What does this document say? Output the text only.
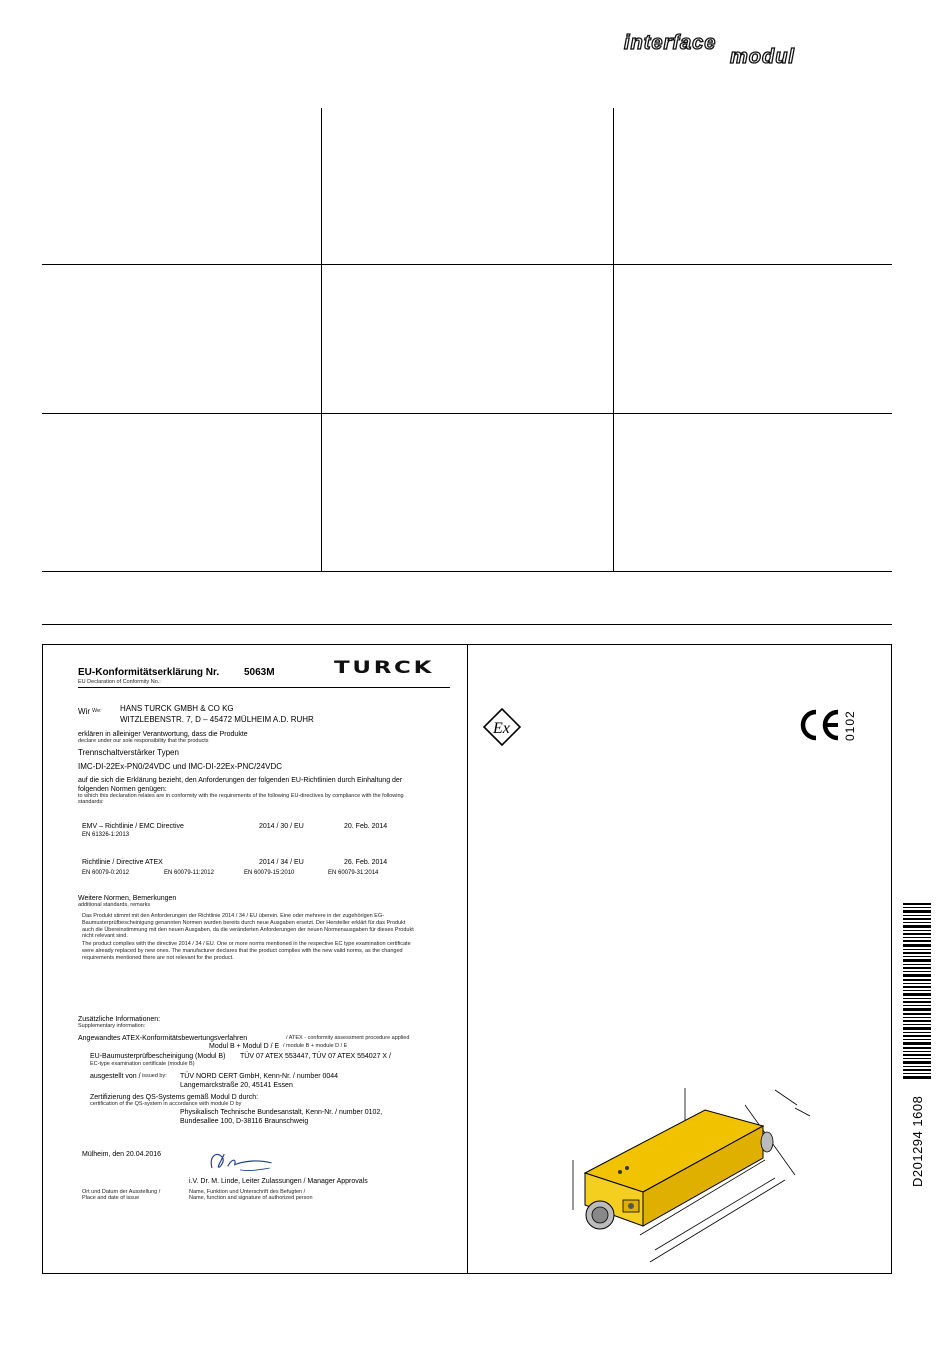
interface
modul
EU-Konformitätserklärung Nr. 5063M	TURCK
EU Declaration of Conformity No.:
Wir We: HANS TURCK GMBH & CO KG
WITZLEBENSTR. 7, D – 45472 MÜLHEIM A.D. RUHR
erklären in alleiniger Verantwortung, dass die Produkte
declare under our sole responsibility that the products
Trennschaltverstärker Typen
IMC-DI-22Ex-PN0/24VDC und IMC-DI-22Ex-PNC/24VDC
auf die sich die Erklärung bezieht, den Anforderungen der folgenden EU-Richtlinien durch Einhaltung der
folgenden Normen genügen:
to which this declaration relates are in conformity with the requirements of the following EU-directives by compliance with the following
standards:
EMV – Richtlinie / EMC Directive	2014 / 30 / EU	20. Feb. 2014
EN 61326-1:2013
Richtlinie / Directive ATEX	2014 / 34 / EU	26. Feb. 2014
EN 60079-0:2012	EN 60079-11:2012	EN 60079-15:2010	EN 60079-31:2014
Weitere Normen, Bemerkungen
additional standards, remarks
Das Produkt stimmt mit den Anforderungen der Richtlinie 2014 / 34 / EU überein. Eine oder mehrere in der zugehörigen EG-Baumusterprüfbescheinigung genannten Normen wurden bereits durch neue Ausgaben ersetzt. Der Hersteller erklärt für das Produkt auch die Übereinstimmung mit den neuen Ausgaben, da die veränderten Anforderungen der neuen Normenausgaben für dieses Produkt nicht relevant sind.
The product complies with the directive 2014 / 34 / EU. One or more norms mentioned in the respective EC type examination certificate were already replaced by new ones. The manufacturer declares that the product complies with the new valid norms, as the changed requirements mentioned there are not relevant for the product.
Zusätzliche Informationen:
Supplementary information:
Angewandtes ATEX-Konformitätsbewertungsverfahren	/ ATEX - conformity assessment procedure applied
Modul B + Modul D / E / module B + module D / E
EU-Baumusterprüfbescheinigung (Modul B) TÜV 07 ATEX 553447, TÜV 07 ATEX 554027 X /
EC-type examination certificate (module B)
ausgestellt von / issued by: TÜV NORD CERT GmbH, Kenn-Nr. / number 0044
Langemarckstraße 20, 45141 Essen
Zertifizierung des QS-Systems gemäß Modul D durch:
certification of the QS-system in accordance with module D by
Physikalisch Technische Bundesanstalt, Kenn-Nr. / number 0102,
Bundesallee 100, D-38116 Braunschweig
Mülheim, den 20.04.2016
i.V. Dr. M. Linde, Leiter Zulassungen / Manager Approvals
Ort und Datum der Ausstellung /
Place and date of issue
Name, Funktion und Unterschrift des Befugten /
Name, function and signature of authorized person
Ex	0102
D201294 1608
